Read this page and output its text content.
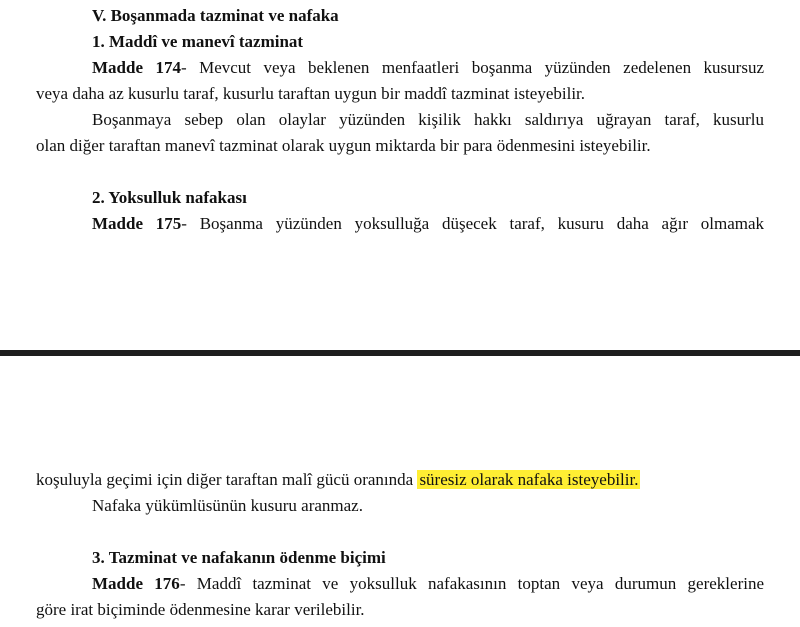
V. Boşanmada tazminat ve nafaka
1. Maddî ve manevî tazminat
Madde 174- Mevcut veya beklenen menfaatleri boşanma yüzünden zedelenen kusursuz
veya daha az kusurlu taraf, kusurlu taraftan uygun bir maddî tazminat isteyebilir.
Boşanmaya sebep olan olaylar yüzünden kişilik hakkı saldırıya uğrayan taraf, kusurlu
olan diğer taraftan manevî tazminat olarak uygun miktarda bir para ödenmesini isteyebilir.
2. Yoksulluk nafakası
Madde 175- Boşanma yüzünden yoksulluğa düşecek taraf, kusuru daha ağır olmamak
koşuluyla geçimi için diğer taraftan malî gücü oranında süresiz olarak nafaka isteyebilir.
Nafaka yükümlüsünün kusuru aranmaz.
3. Tazminat ve nafakanın ödenme biçimi
Madde 176- Maddî tazminat ve yoksulluk nafakasının toptan veya durumun gereklerine
göre irat biçiminde ödenmesine karar verilebilir.
